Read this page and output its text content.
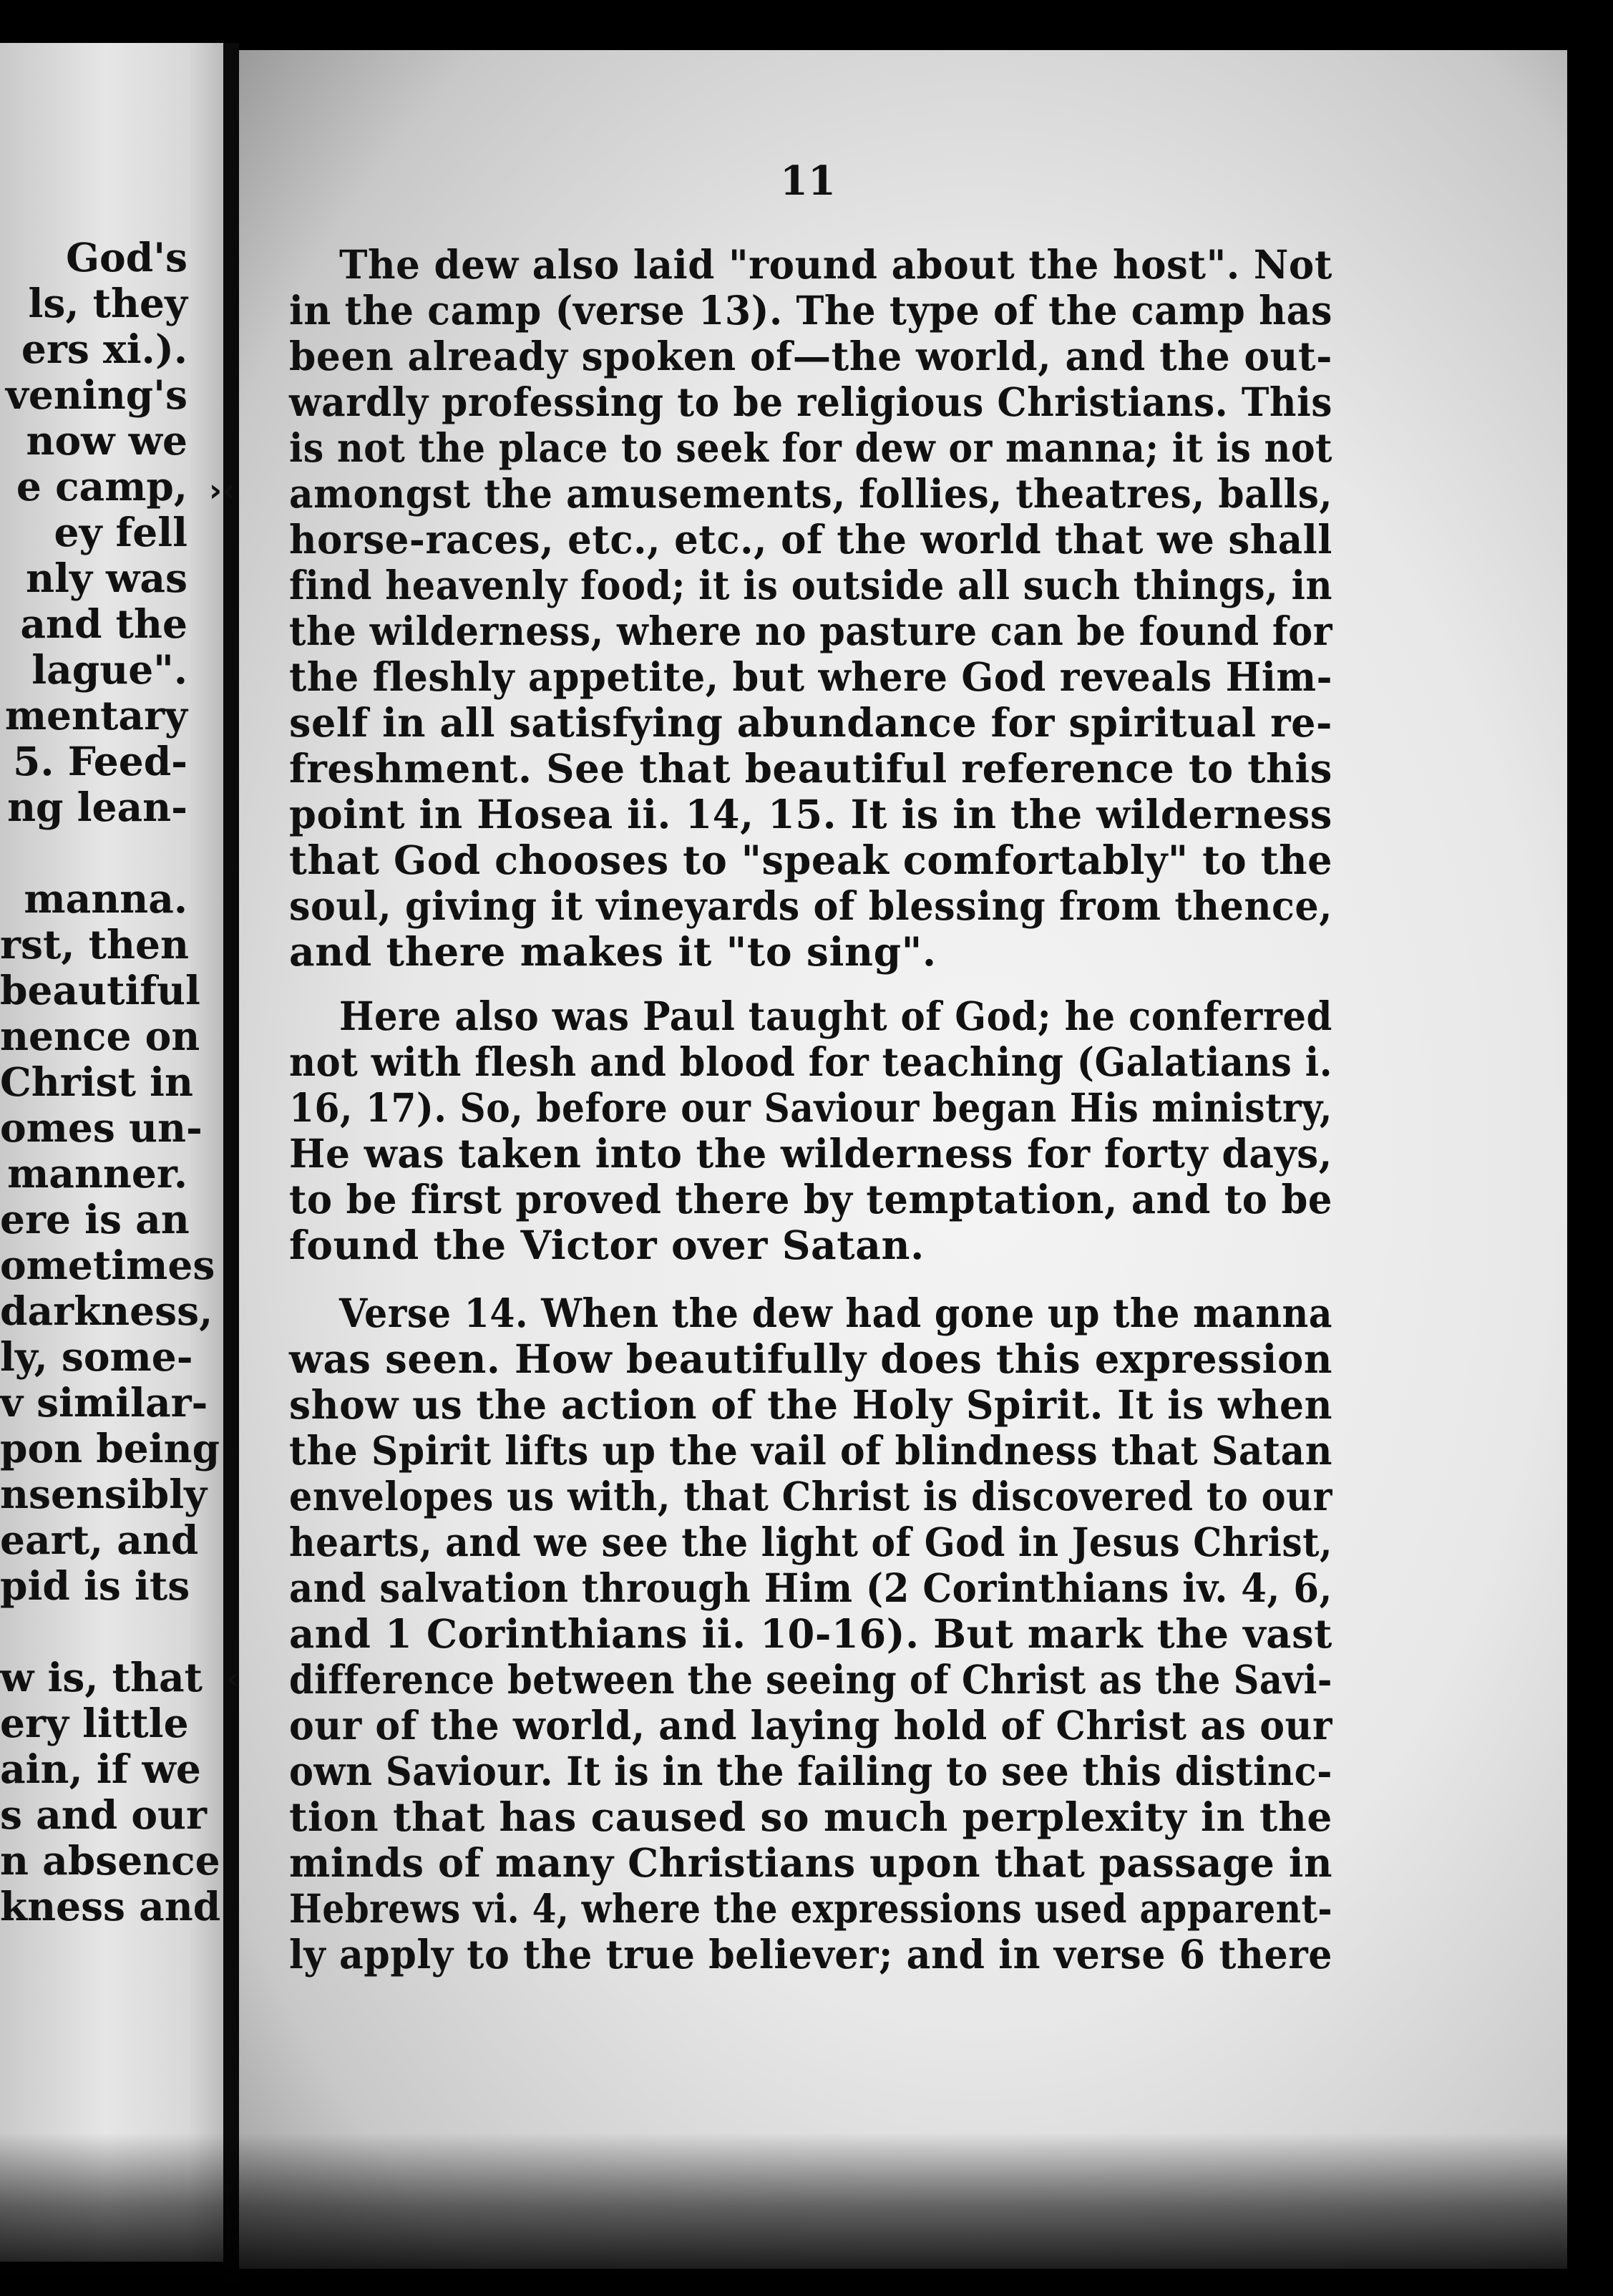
11
God's
ls, they
ers xi.).
vening's
now we
e camp,
ey fell
nly was
and the
lague".
mentary
5. Feed-
ng lean-
manna.
rst, then
beautiful
nence on
Christ in
omes un-
manner.
ere is an
ometimes
darkness,
ly, some-
v similar-
pon being
nsensibly
eart, and
pid is its
w is, that
ery little
ain, if we
s and our
n absence
kness and
The dew also laid "round about the host". Not
in the camp (verse 13). The type of the camp has
been already spoken of—the world, and the out-
wardly professing to be religious Christians. This
is not the place to seek for dew or manna; it is not
amongst the amusements, follies, theatres, balls,
horse-races, etc., etc., of the world that we shall
find heavenly food; it is outside all such things, in
the wilderness, where no pasture can be found for
the fleshly appetite, but where God reveals Him-
self in all satisfying abundance for spiritual re-
freshment. See that beautiful reference to this
point in Hosea ii. 14, 15. It is in the wilderness
that God chooses to "speak comfortably" to the
soul, giving it vineyards of blessing from thence,
and there makes it "to sing".
Here also was Paul taught of God; he conferred
not with flesh and blood for teaching (Galatians i.
16, 17). So, before our Saviour began His ministry,
He was taken into the wilderness for forty days,
to be first proved there by temptation, and to be
found the Victor over Satan.
Verse 14. When the dew had gone up the manna
was seen. How beautifully does this expression
show us the action of the Holy Spirit. It is when
the Spirit lifts up the vail of blindness that Satan
envelopes us with, that Christ is discovered to our
hearts, and we see the light of God in Jesus Christ,
and salvation through Him (2 Corinthians iv. 4, 6,
and 1 Corinthians ii. 10-16). But mark the vast
difference between the seeing of Christ as the Savi-
our of the world, and laying hold of Christ as our
own Saviour. It is in the failing to see this distinc-
tion that has caused so much perplexity in the
minds of many Christians upon that passage in
Hebrews vi. 4, where the expressions used apparent-
ly apply to the true believer; and in verse 6 there
›‹
‹
